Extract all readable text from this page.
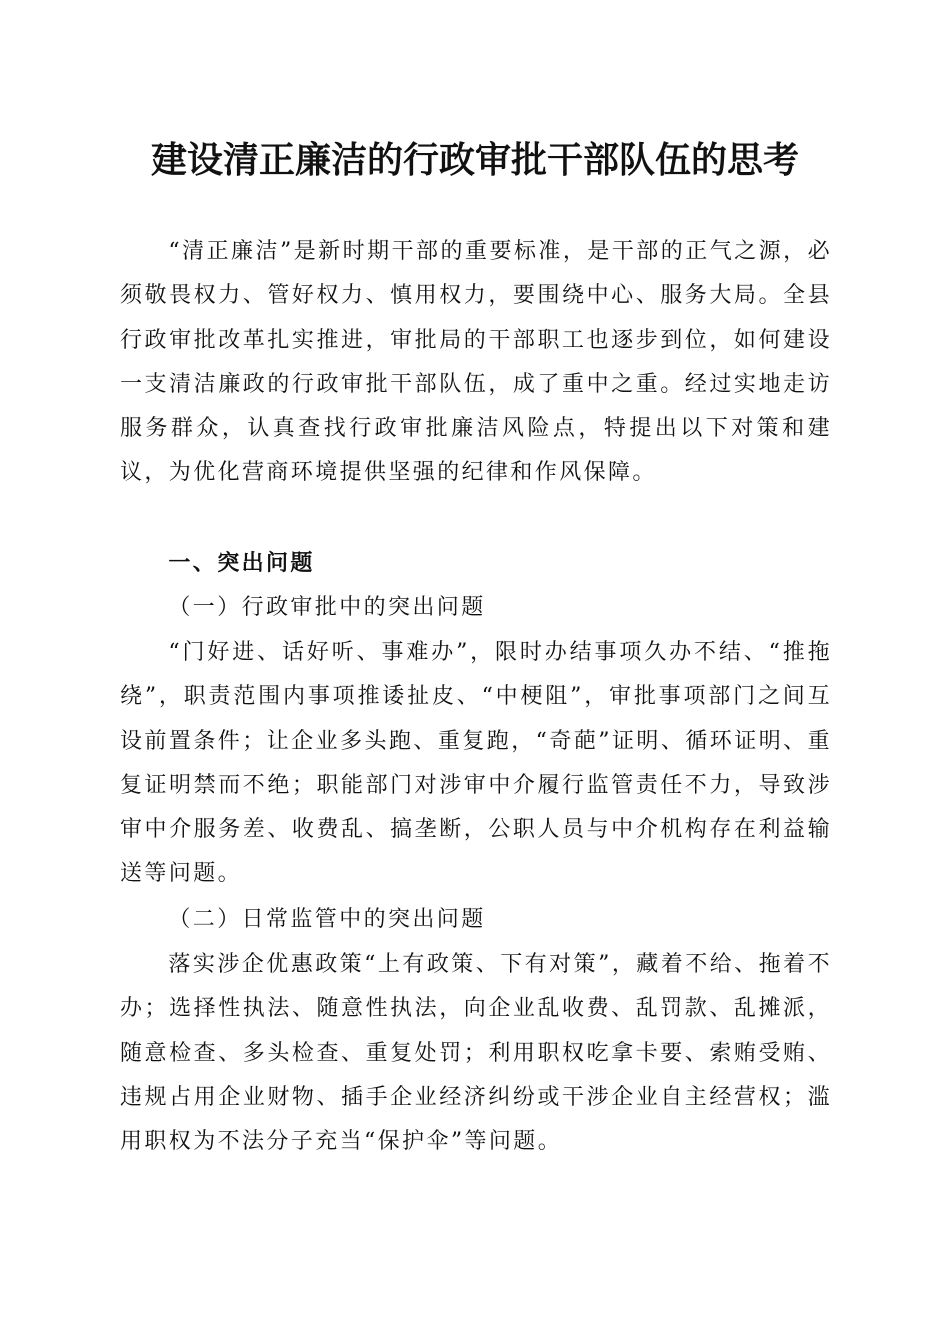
建设清正廉洁的行政审批干部队伍的思考

“清正廉洁”是新时期干部的重要标准，是干部的正气之源，必须敬畏权力、管好权力、慎用权力，要围绕中心、服务大局。全县行政审批改革扎实推进，审批局的干部职工也逐步到位，如何建设一支清洁廉政的行政审批干部队伍，成了重中之重。经过实地走访服务群众，认真查找行政审批廉洁风险点，特提出以下对策和建议，为优化营商环境提供坚强的纪律和作风保障。

一、突出问题

（一）行政审批中的突出问题

“门好进、话好听、事难办”，限时办结事项久办不结、“推拖绕”，职责范围内事项推诿扯皮、“中梗阻”，审批事项部门之间互设前置条件；让企业多头跑、重复跑，“奇葩”证明、循环证明、重复证明禁而不绝；职能部门对涉审中介履行监管责任不力，导致涉审中介服务差、收费乱、搞垄断，公职人员与中介机构存在利益输送等问题。

（二）日常监管中的突出问题

落实涉企优惠政策“上有政策、下有对策”，藏着不给、拖着不办；选择性执法、随意性执法，向企业乱收费、乱罚款、乱摊派，随意检查、多头检查、重复处罚；利用职权吃拿卡要、索贿受贿、违规占用企业财物、插手企业经济纠纷或干涉企业自主经营权；滥用职权为不法分子充当“保护伞”等问题。
